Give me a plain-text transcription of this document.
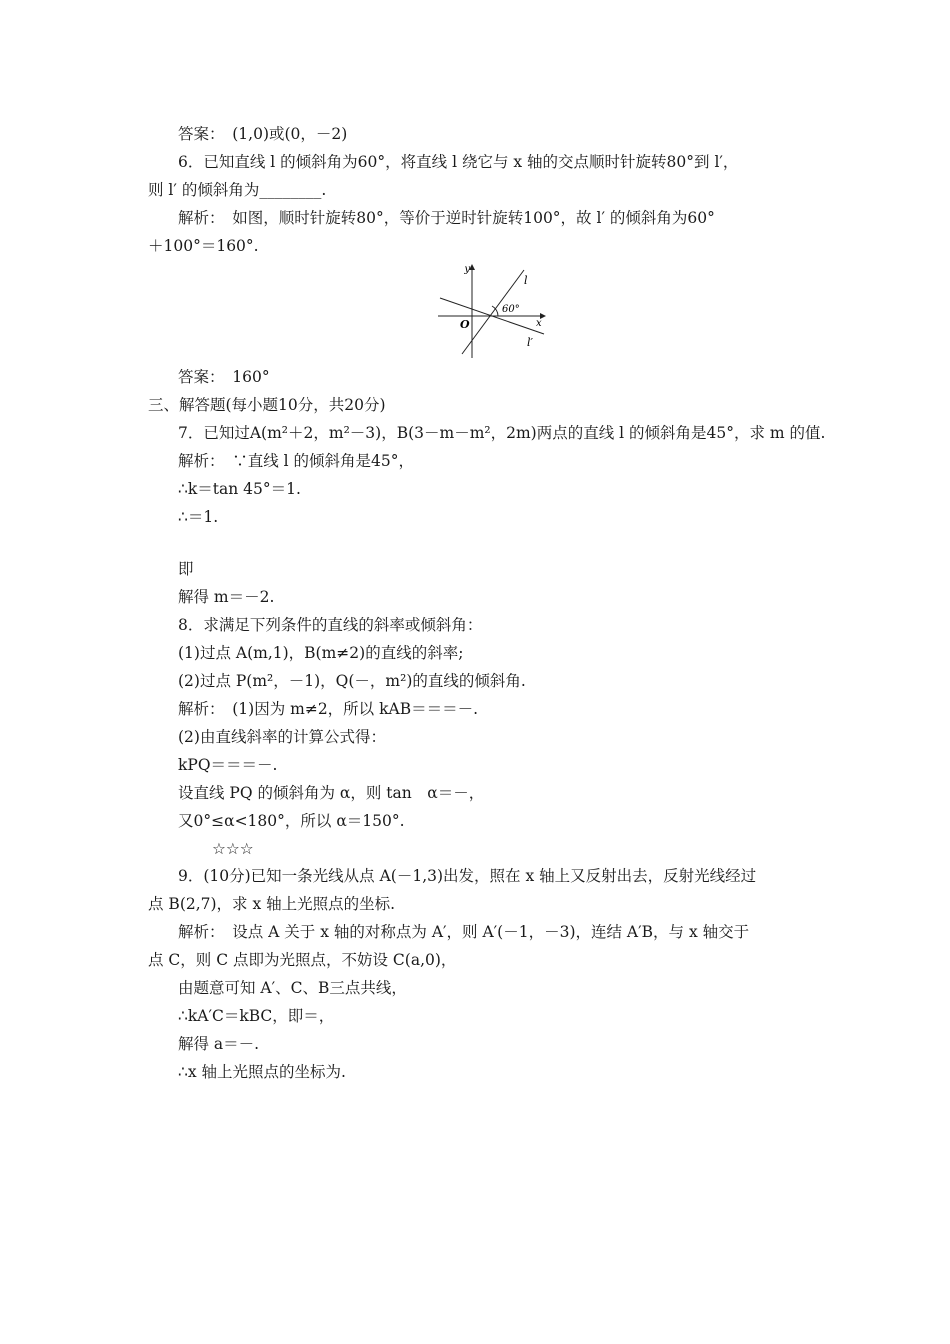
答案：　(1,0)或(0，－2)
6．已知直线 l 的倾斜角为60°，将直线 l 绕它与 x 轴的交点顺时针旋转80°到 l′，
则 l′ 的倾斜角为________.
解析：　如图，顺时针旋转80°，等价于逆时针旋转100°，故 l′ 的倾斜角为60°
＋100°＝160°.
y
x
O
l
l′
60°
答案：　160°
三、解答题(每小题10分，共20分)
7．已知过A(m²＋2，m²－3)，B(3－m－m²，2m)两点的直线 l 的倾斜角是45°，求 m 的值.
解析：　∵直线 l 的倾斜角是45°，
∴k＝tan 45°＝1.
∴＝1.
即
解得 m＝－2.
8．求满足下列条件的直线的斜率或倾斜角：
(1)过点 A(m,1)，B(m≠2)的直线的斜率;
(2)过点 P(m²，－1)，Q(－，m²)的直线的倾斜角.
解析：　(1)因为 m≠2，所以 kAB＝＝＝－.
(2)由直线斜率的计算公式得：
kPQ＝＝＝－.
设直线 PQ 的倾斜角为 α，则 tan　α＝－，
又0°≤α<180°，所以 α＝150°.
☆☆☆
9．(10分)已知一条光线从点 A(－1,3)出发，照在 x 轴上又反射出去，反射光线经过
点 B(2,7)，求 x 轴上光照点的坐标.
解析：　设点 A 关于 x 轴的对称点为 A′，则 A′(－1，－3)，连结 A′B，与 x 轴交于
点 C，则 C 点即为光照点，不妨设 C(a,0)，
由题意可知 A′、C、B三点共线，
∴kA′C＝kBC，即＝，
解得 a＝－.
∴x 轴上光照点的坐标为.
